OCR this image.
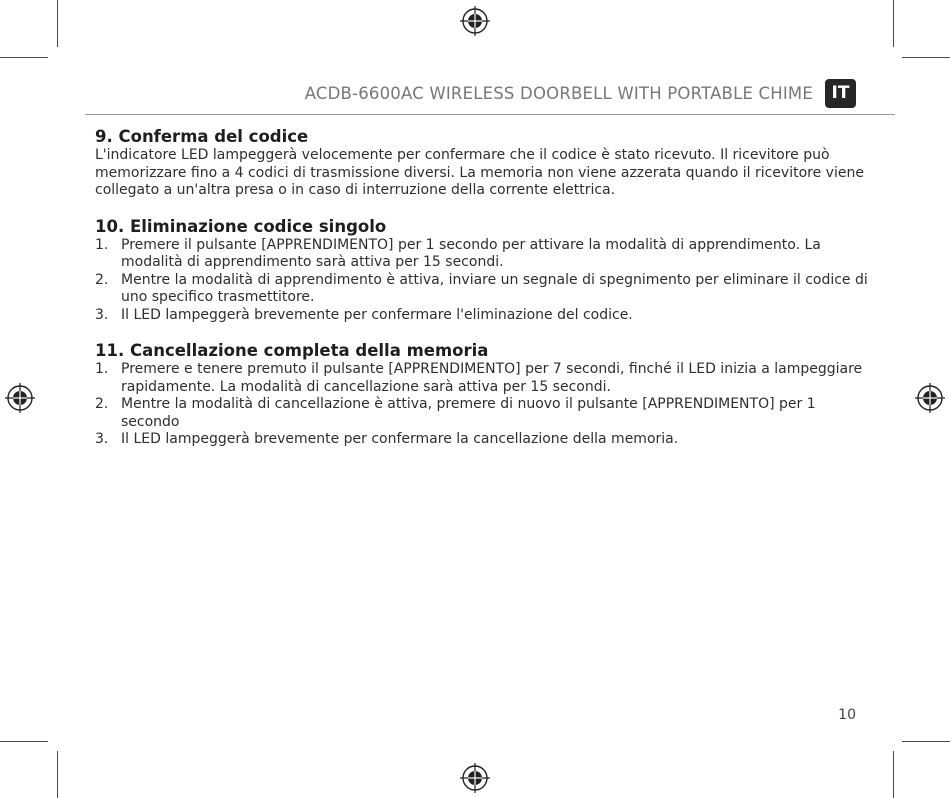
ACDB-6600AC WIRELESS DOORBELL WITH PORTABLE CHIME	IT
9. Conferma del codice

L'indicatore LED lampeggerà velocemente per confermare che il codice è stato ricevuto. Il ricevitore può memorizzare fino a 4 codici di trasmissione diversi. La memoria non viene azzerata quando il ricevitore viene collegato a un'altra presa o in caso di interruzione della corrente elettrica.

10. Eliminazione codice singolo
1. Premere il pulsante [APPRENDIMENTO] per 1 secondo per attivare la modalità di apprendimento. La modalità di apprendimento sarà attiva per 15 secondi.
2. Mentre la modalità di apprendimento è attiva, inviare un segnale di spegnimento per eliminare il codice di uno specifico trasmettitore.
3. Il LED lampeggerà brevemente per confermare l'eliminazione del codice.
11. Cancellazione completa della memoria
1. Premere e tenere premuto il pulsante [APPRENDIMENTO] per 7 secondi, finché il LED inizia a lampeggiare rapidamente. La modalità di cancellazione sarà attiva per 15 secondi.
2. Mentre la modalità di cancellazione è attiva, premere di nuovo il pulsante [APPRENDIMENTO] per 1 secondo
3. Il LED lampeggerà brevemente per confermare la cancellazione della memoria.
10
